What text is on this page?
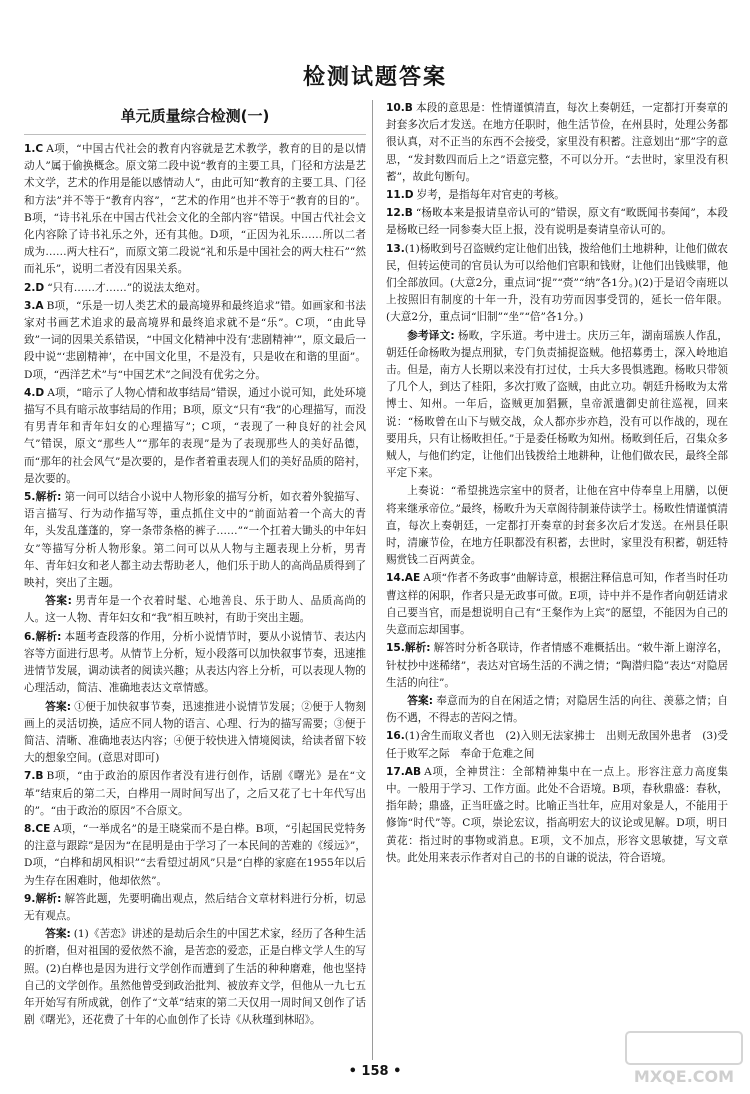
检测试题答案
单元质量综合检测(一)
1.C A项，“中国古代社会的教育内容就是艺术教学，教育的目的是以情动人”属于偷换概念。原文第二段中说“教育的主要工具，门径和方法是艺术文学，艺术的作用是能以感情动人”，由此可知“教育的主要工具、门径和方法”并不等于“教育内容”，“艺术的作用”也并不等于“教育的目的”。B项，“诗书礼乐在中国古代社会文化的全部内容”错误。中国古代社会文化内容除了诗书礼乐之外，还有其他。D项，“正因为礼乐……所以二者成为……两大柱石”，而原文第二段说“礼和乐是中国社会的两大柱石”“然而礼乐”，说明二者没有因果关系。
2.D “只有……才……”的说法太绝对。
3.A B项，“乐是一切人类艺术的最高境界和最终追求”错。如画家和书法家对书画艺术追求的最高境界和最终追求就不是“乐”。C项，“由此导致”一词的因果关系错误，“中国文化精神中没有‘悲剧精神’”，原文最后一段中说“‘悲剧精神’，在中国文化里，不是没有，只是收在和谐的里面”。D项，“西洋艺术”与“中国艺术”之间没有优劣之分。
4.D A项，“暗示了人物心情和故事结局”错误，通过小说可知，此处环境描写不具有暗示故事结局的作用；B项，原文“只有“我”的心理描写，而没有男青年和青年妇女的心理描写”；C项，“表现了一种良好的社会风气”错误，原文“那些人”“那年的表现”是为了表现那些人的美好品德，而“那年的社会风气”是次要的，是作者着重表现人们的美好品质的陪衬，是次要的。
5.解析: 第一问可以结合小说中人物形象的描写分析，如衣着外貌描写、语言描写、行为动作描写等，重点抓住文中的“前面站着一个高大的青年，头发乱蓬蓬的，穿一条带条格的裤子……”“一个扛着大锄头的中年妇女”等描写分析人物形象。第二问可以从人物与主题表现上分析，男青年、青年妇女和老人都主动去帮助老人，他们乐于助人的高尚品质得到了映衬，突出了主题。
答案: 男青年是一个衣着时髦、心地善良、乐于助人、品质高尚的人。这一人物、青年妇女和“我”相互映衬，有助于突出主题。
6.解析: 本题考查段落的作用，分析小说情节时，要从小说情节、表达内容等方面进行思考。从情节上分析，短小段落可以加快叙事节奏，迅速推进情节发展，调动读者的阅读兴趣；从表达内容上分析，可以表现人物的心理活动，简洁、准确地表达文章情感。
答案: ①便于加快叙事节奏，迅速推进小说情节发展；②便于人物刻画上的灵活切换，适应不同人物的语言、心理、行为的描写需要；③便于简洁、清晰、准确地表达内容；④便于较快进入情境阅读，给读者留下较大的想象空间。(意思对即可)
7.B B项，“由于政治的原因作者没有进行创作，话剧《曙光》是在“文革”结束后的第二天，白桦用一周时间写出了，之后又花了七十年代写出的”。“由于政治的原因”不合原文。
8.CE A项，“一举成名”的是王晓棠而不是白桦。B项，“引起国民党特务的注意与跟踪”是因为“在昆明是由于学习了一本民间的苦难的《绥远》”，D项，“白桦和胡风相识”“去看望过胡风”只是“白桦的家庭在1955年以后为生存在困难时，他却依然”。
9.解析: 解答此题，先要明确出观点，然后结合文章材料进行分析，切忌无有观点。
答案: (1)《苦恋》讲述的是劫后余生的中国艺术家，经历了各种生活的折磨，但对祖国的爱依然不渝，是苦恋的爱恋，正是白桦文学人生的写照。(2)白桦也是因为进行文学创作而遭到了生活的种种磨难，他也坚持自己的文学创作。虽然他曾受到政治批判、被放弃文学，但他从一九七五年开始写有所成就，创作了“文革”结束的第二天仅用一周时间又创作了话剧《曙光》，还花费了十年的心血创作了长诗《从秋瑾到林昭》。
10.B 本段的意思是：性情谨慎清直，每次上奏朝廷，一定都打开奏章的封套多次后才发送。在地方任职时，他生活节俭，在州县时，处理公务都很认真，对不正当的东西不会接受，家里没有积蓄。注意划出“那”字的意思，“发封数四而后上之”语意完整，不可以分开。“去世时，家里没有积蓄”，故此句断句。
11.D 岁考，是指每年对官吏的考核。
12.B “杨畋本来是报请皇帝认可的”错误，原文有“畋既闻书奏闻”，本段是杨畋已经一同参奏大臣上报，没有说明是奏请皇帝认可的。
13.(1)杨畋到号召盗贼约定让他们出钱，拨给他们土地耕种，让他们做农民，但转运使司的官员认为可以给他们官职和钱财，让他们出钱赎罪，他们全部放回。(大意2分，重点词“捉”“赍”“纳”各1分。)(2)于是诏令南班以上按照旧有制度的十年一升，没有功劳而因事受罚的，延长一倍年限。(大意2分，重点词“旧制”“坐”“倍”各1分。)
参考译文: 杨畋，字乐道。考中进士。庆历三年，湖南瑶族人作乱，朝廷任命杨畋为提点刑狱，专门负责捕捉盗贼。他招募勇士，深入岭地追击。但是，南方人长期以来没有打过仗，士兵大多畏惧逃跑。杨畋只带领了几个人，到达了桂阳，多次打败了盗贼，由此立功。朝廷升杨畋为太常博士、知州。一年后，盗贼更加猖獗，皇帝派遣御史前往巡视，回来说：“杨畋曾在山下与贼交战，众人都亦步亦趋，没有可以作战的，现在要用兵，只有让杨畋担任。”于是委任杨畋为知州。杨畋到任后，召集众多贼人，与他们约定，让他们出钱拨给土地耕种，让他们做农民，最终全部平定下来。
上奏说：“希望挑选宗室中的贤者，让他在宫中侍奉皇上用膳，以便将来继承帝位。”最终，杨畋升为天章阁待制兼侍读学士。杨畋性情谨慎清直，每次上奏朝廷，一定都打开奏章的封套多次后才发送。在州县任职时，清廉节俭，在地方任职都没有积蓄，去世时，家里没有积蓄，朝廷特赐赏钱二百两黄金。
14.AE A项“作者不务政事”曲解诗意，根据注释信息可知，作者当时任功曹这样的闲职，作者只是无政事可做。E项，诗中并不是作者向朝廷请求自己要当官，而是想说明自己有“王粲作为上宾”的愿望，不能因为自己的失意而忘却国事。
15.解析: 解答时分析各联诗，作者情感不难概括出。“敕牛渐上谢淳名，针杖抄中迷稀绪”，表达对官场生活的不满之情；“陶潜归隐”表达“对隐居生活的向往”。
答案: 奉意而为的自在闲适之情；对隐居生活的向往、羡慕之情；自伤不遇，不得志的苦闷之情。
16.(1)舍生而取义者也　(2)入则无法家拂士　出则无敌国外患者　(3)受任于败军之际　奉命于危难之间
17.AB A项，全神贯注：全部精神集中在一点上。形容注意力高度集中。一般用于学习、工作方面。此处不合语境。B项，春秋鼎盛：春秋，指年龄；鼎盛，正当旺盛之时。比喻正当壮年，应用对象是人，不能用于修饰“时代”等。C项，崇论宏议，指高明宏大的议论或见解。D项，明日黄花：指过时的事物或消息。E项，文不加点，形容文思敏捷，写文章快。此处用来表示作者对自己的书的自谦的说法，符合语境。
• 158 •	MXQE.COM
